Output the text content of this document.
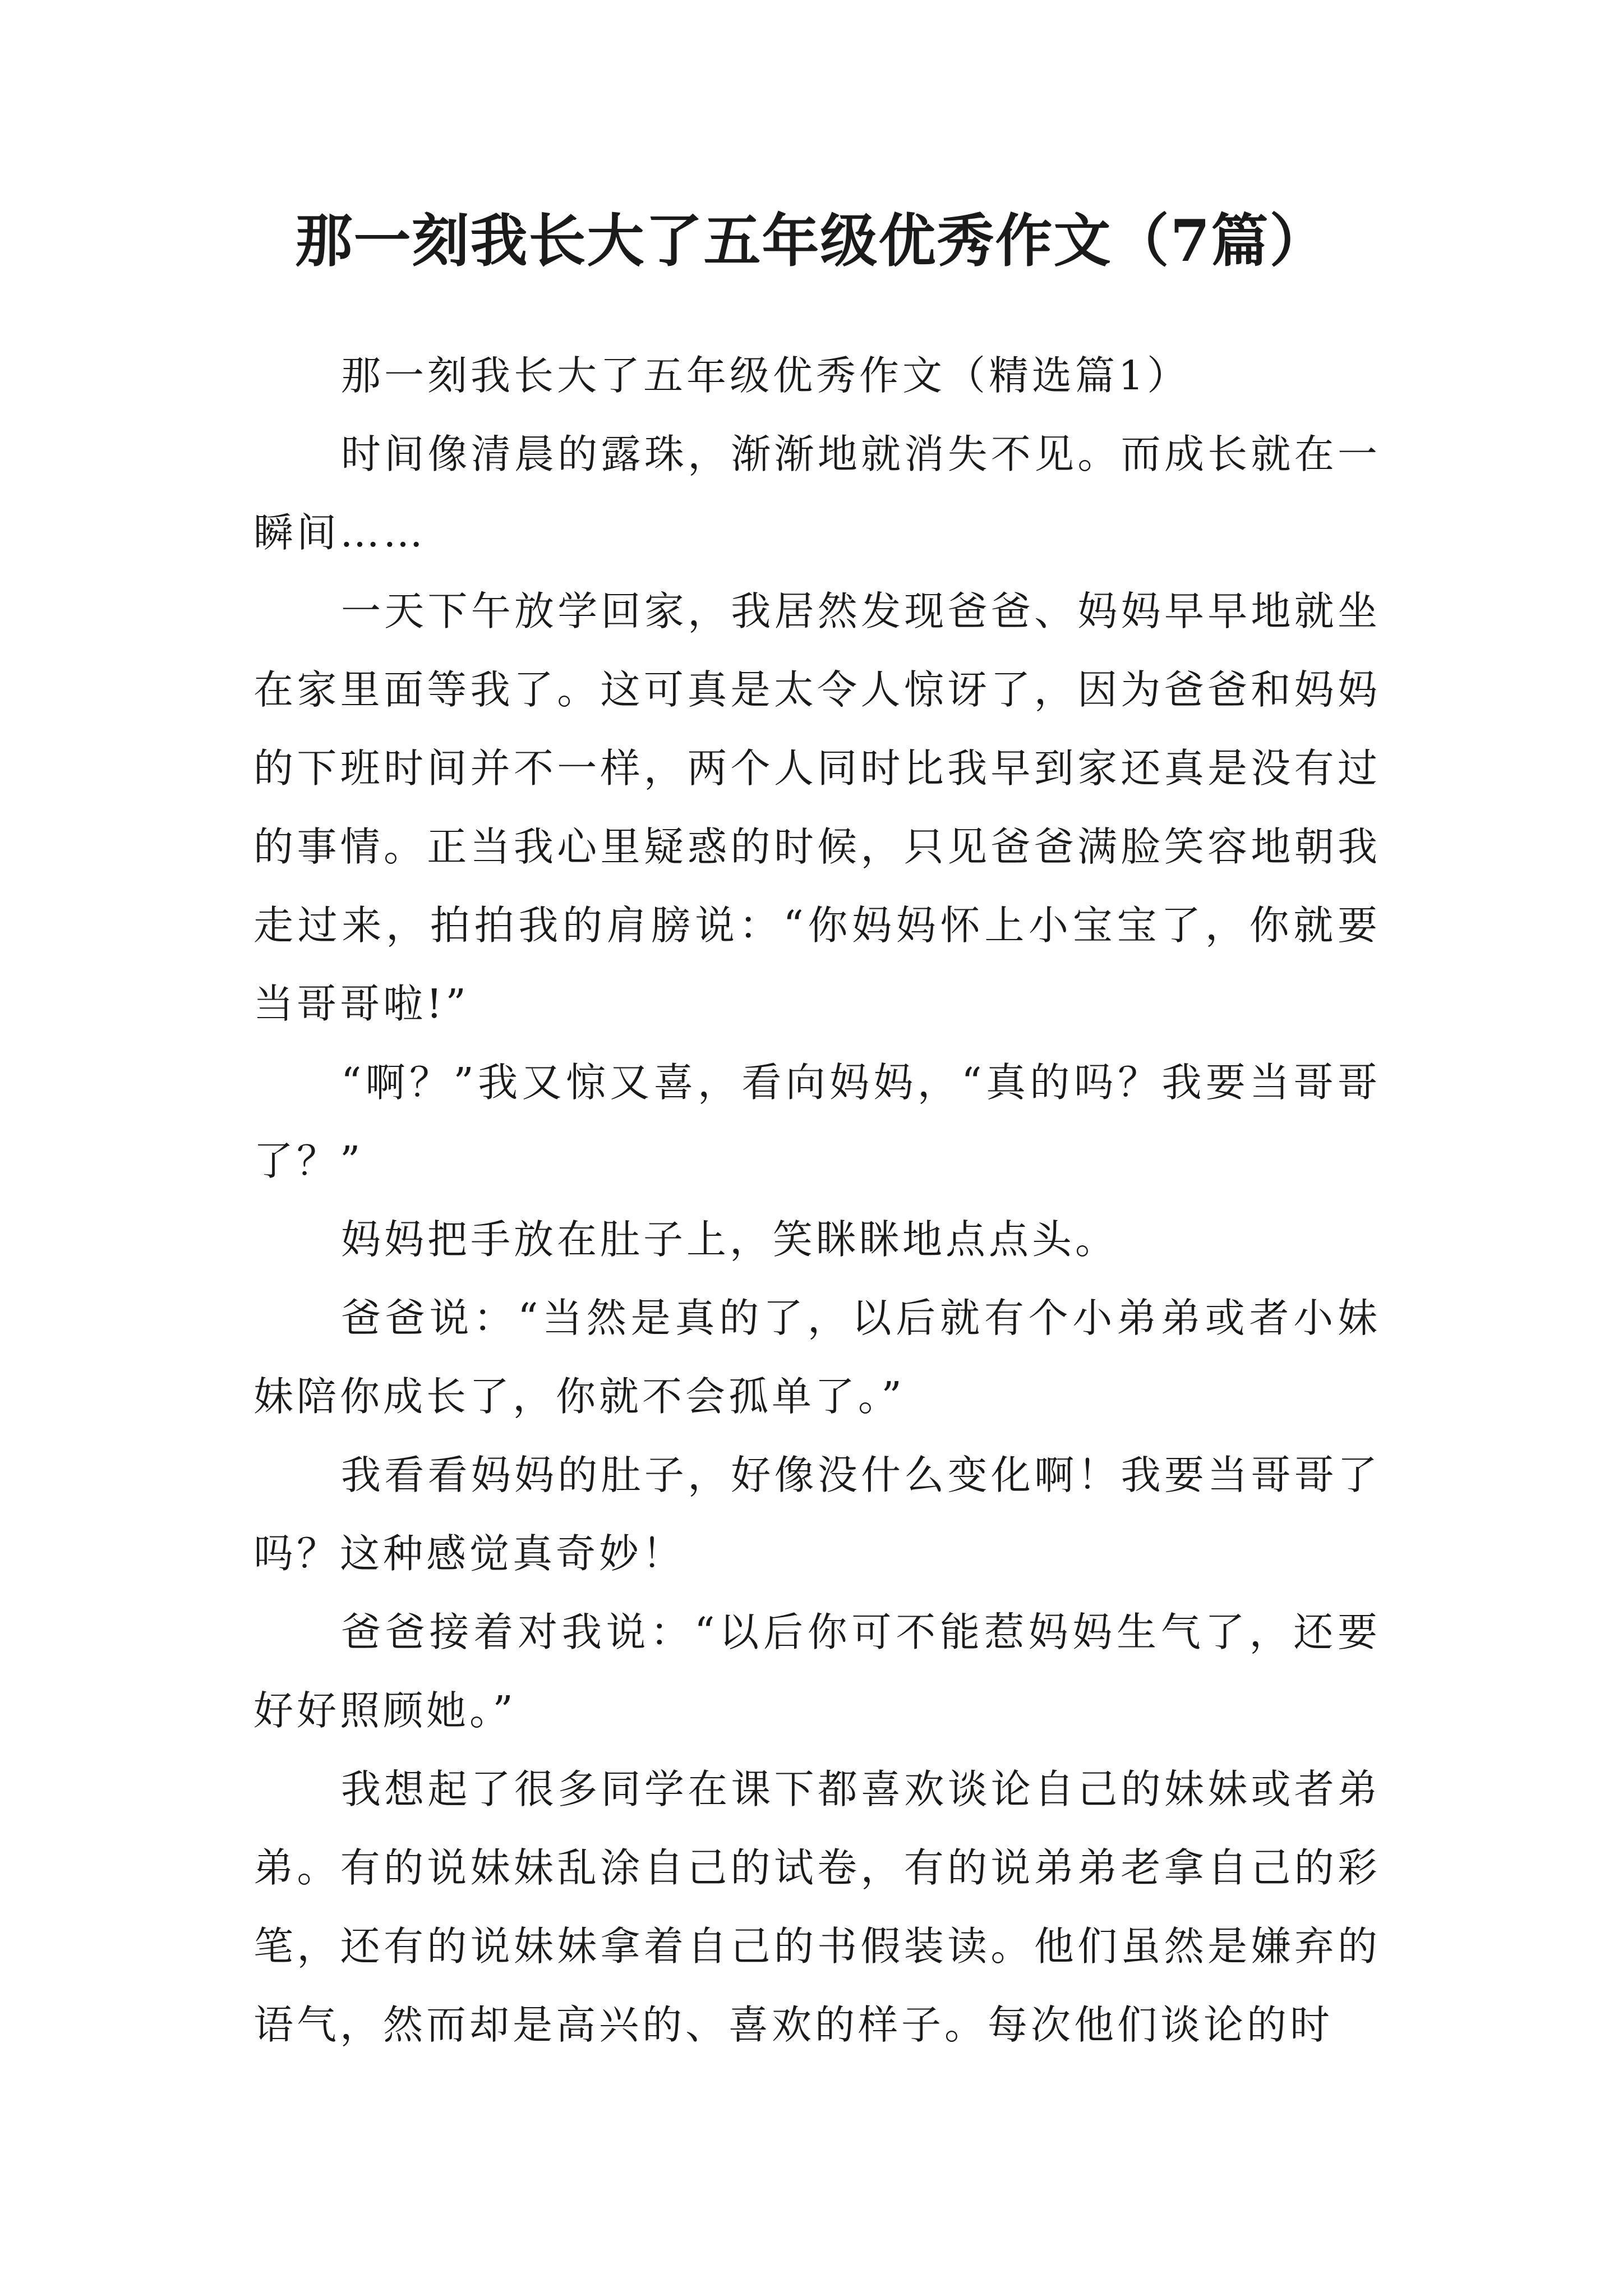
那一刻我长大了五年级优秀作文（7篇）

那一刻我长大了五年级优秀作文（精选篇1）

时间像清晨的露珠，渐渐地就消失不见。而成长就在一瞬间……

一天下午放学回家，我居然发现爸爸、妈妈早早地就坐在家里面等我了。这可真是太令人惊讶了，因为爸爸和妈妈的下班时间并不一样，两个人同时比我早到家还真是没有过的事情。正当我心里疑惑的时候，只见爸爸满脸笑容地朝我走过来，拍拍我的肩膀说：“你妈妈怀上小宝宝了，你就要当哥哥啦!”

“啊？”我又惊又喜，看向妈妈，“真的吗？我要当哥哥了？”

妈妈把手放在肚子上，笑眯眯地点点头。

爸爸说：“当然是真的了，以后就有个小弟弟或者小妹妹陪你成长了，你就不会孤单了。”

我看看妈妈的肚子，好像没什么变化啊！我要当哥哥了吗？这种感觉真奇妙！

爸爸接着对我说：“以后你可不能惹妈妈生气了，还要好好照顾她。”

我想起了很多同学在课下都喜欢谈论自己的妹妹或者弟弟。有的说妹妹乱涂自己的试卷，有的说弟弟老拿自己的彩笔，还有的说妹妹拿着自己的书假装读。他们虽然是嫌弃的语气，然而却是高兴的、喜欢的样子。每次他们谈论的时
